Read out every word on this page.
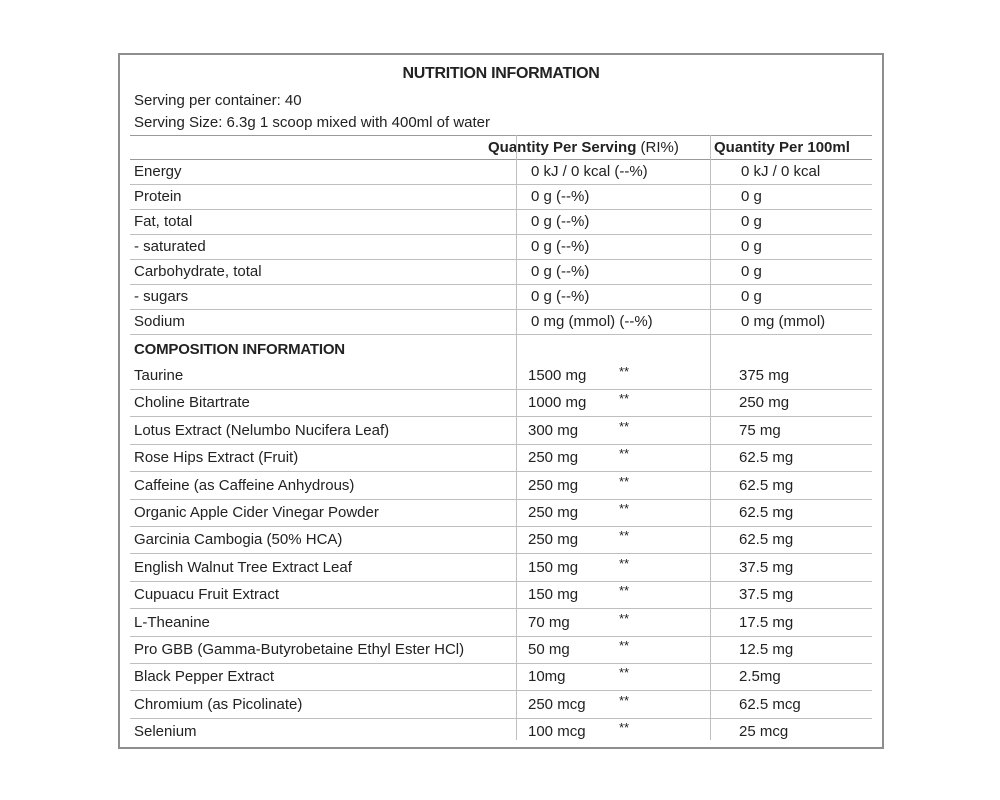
NUTRITION INFORMATION
Serving per container: 40
Serving Size: 6.3g 1 scoop mixed with 400ml of water
Quantity Per Serving (RI%) Quantity Per 100ml
Energy	0 kJ / 0 kcal (--%)	0 kJ / 0 kcal
Protein	0 g (--%)	0 g
Fat, total	0 g (--%)	0 g
- saturated	0 g (--%)	0 g
Carbohydrate, total	0 g (--%)	0 g
- sugars	0 g (--%)	0 g
Sodium	0 mg (mmol) (--%)	0 mg (mmol)
COMPOSITION INFORMATION
Taurine	1500 mg	**	375 mg
Choline Bitartrate	1000 mg	**	250 mg
Lotus Extract (Nelumbo Nucifera Leaf)	300 mg	**	75 mg
Rose Hips Extract (Fruit)	250 mg	**	62.5 mg
Caffeine (as Caffeine Anhydrous)	250 mg	**	62.5 mg
Organic Apple Cider Vinegar Powder	250 mg	**	62.5 mg
Garcinia Cambogia (50% HCA)	250 mg	**	62.5 mg
English Walnut Tree Extract Leaf	150 mg	**	37.5 mg
Cupuacu Fruit Extract	150 mg	**	37.5 mg
L-Theanine	70 mg	**	17.5 mg
Pro GBB (Gamma-Butyrobetaine Ethyl Ester HCl)	50 mg	**	12.5 mg
Black Pepper Extract	10mg	**	2.5mg
Chromium (as Picolinate)	250 mcg	**	62.5 mcg
Selenium	100 mcg	**	25 mcg
